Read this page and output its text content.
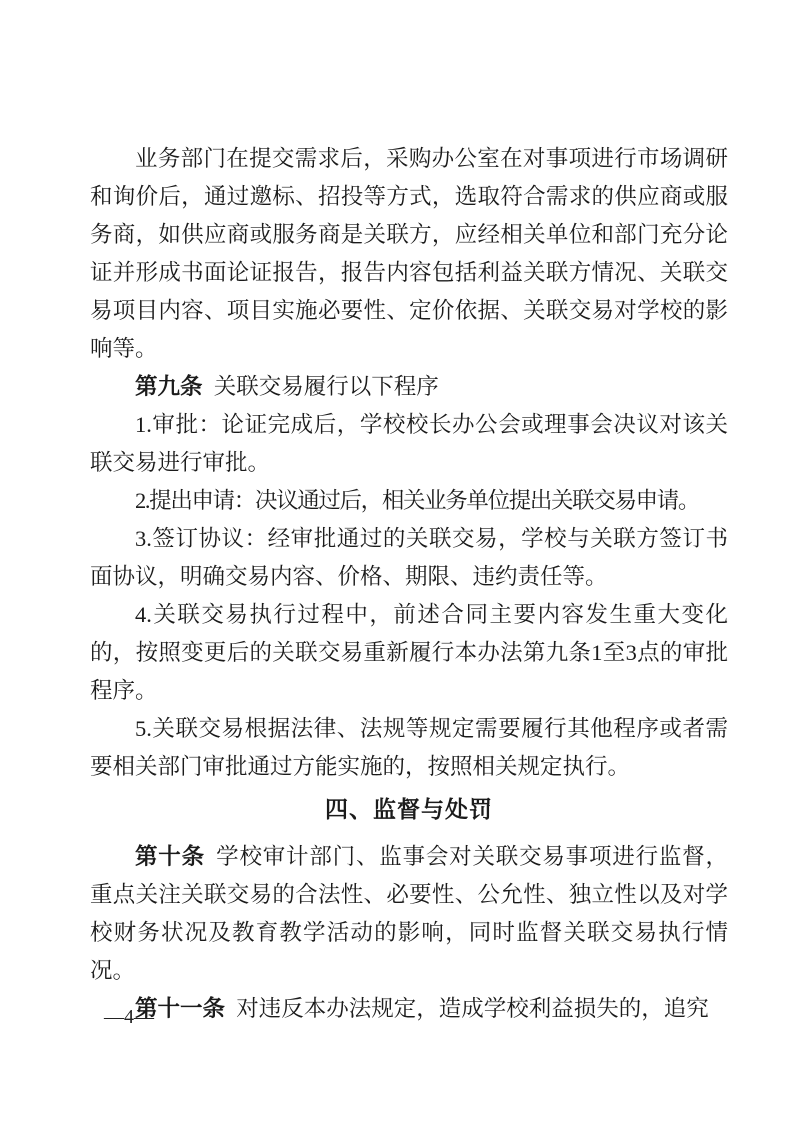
业务部门在提交需求后，采购办公室在对事项进行市场调研和询价后，通过邀标、招投等方式，选取符合需求的供应商或服务商，如供应商或服务商是关联方，应经相关单位和部门充分论证并形成书面论证报告，报告内容包括利益关联方情况、关联交易项目内容、项目实施必要性、定价依据、关联交易对学校的影响等。

第九条 关联交易履行以下程序

1.审批：论证完成后，学校校长办公会或理事会决议对该关联交易进行审批。

2.提出申请：决议通过后，相关业务单位提出关联交易申请。

3.签订协议：经审批通过的关联交易，学校与关联方签订书面协议，明确交易内容、价格、期限、违约责任等。

4.关联交易执行过程中，前述合同主要内容发生重大变化的，按照变更后的关联交易重新履行本办法第九条1至3点的审批程序。

5.关联交易根据法律、法规等规定需要履行其他程序或者需要相关部门审批通过方能实施的，按照相关规定执行。

四、监督与处罚

第十条 学校审计部门、监事会对关联交易事项进行监督，重点关注关联交易的合法性、必要性、公允性、独立性以及对学校财务状况及教育教学活动的影响，同时监督关联交易执行情况。

第十一条 对违反本办法规定，造成学校利益损失的，追究

—4—
